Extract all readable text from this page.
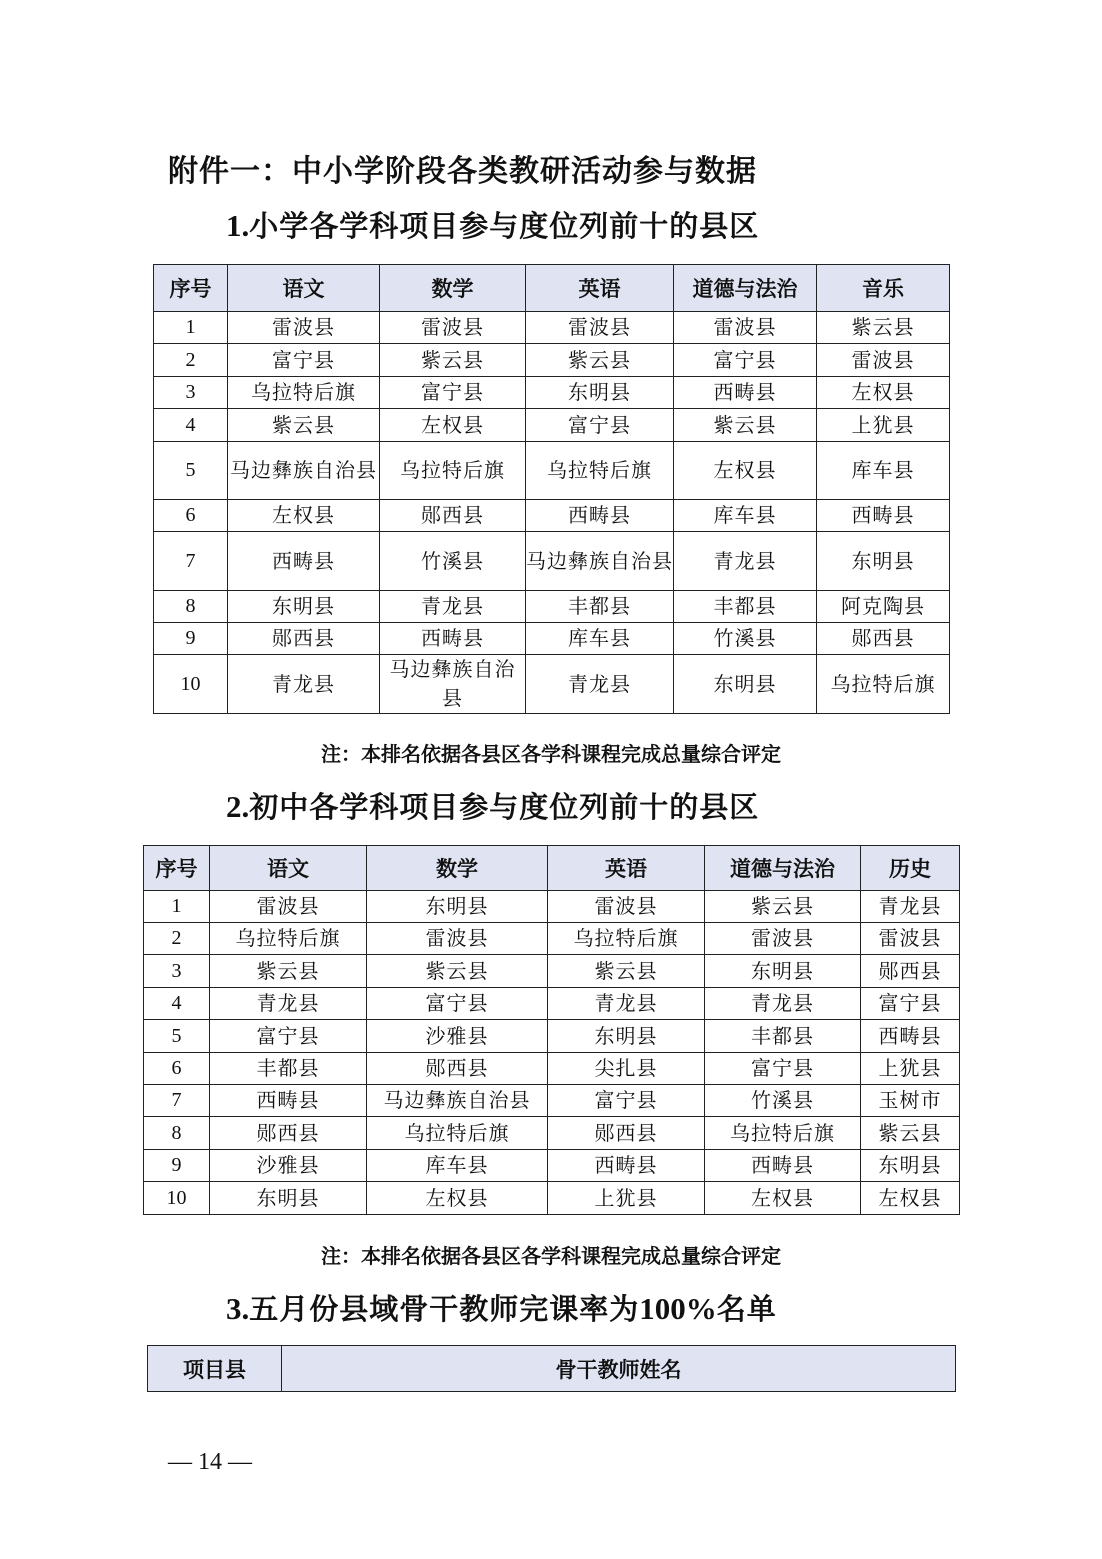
附件一：中小学阶段各类教研活动参与数据
1.小学各学科项目参与度位列前十的县区
序号	语文	数学	英语	道德与法治	音乐
1	雷波县	雷波县	雷波县	雷波县	紫云县
2	富宁县	紫云县	紫云县	富宁县	雷波县
3	乌拉特后旗	富宁县	东明县	西畴县	左权县
4	紫云县	左权县	富宁县	紫云县	上犹县
5	马边彝族自治县	乌拉特后旗	乌拉特后旗	左权县	库车县
6	左权县	郧西县	西畴县	库车县	西畴县
7	西畴县	竹溪县	马边彝族自治县	青龙县	东明县
8	东明县	青龙县	丰都县	丰都县	阿克陶县
9	郧西县	西畴县	库车县	竹溪县	郧西县
10	青龙县	马边彝族自治县	青龙县	东明县	乌拉特后旗
注：本排名依据各县区各学科课程完成总量综合评定
2.初中各学科项目参与度位列前十的县区
序号	语文	数学	英语	道德与法治	历史
1	雷波县	东明县	雷波县	紫云县	青龙县
2	乌拉特后旗	雷波县	乌拉特后旗	雷波县	雷波县
3	紫云县	紫云县	紫云县	东明县	郧西县
4	青龙县	富宁县	青龙县	青龙县	富宁县
5	富宁县	沙雅县	东明县	丰都县	西畴县
6	丰都县	郧西县	尖扎县	富宁县	上犹县
7	西畴县	马边彝族自治县	富宁县	竹溪县	玉树市
8	郧西县	乌拉特后旗	郧西县	乌拉特后旗	紫云县
9	沙雅县	库车县	西畴县	西畴县	东明县
10	东明县	左权县	上犹县	左权县	左权县
注：本排名依据各县区各学科课程完成总量综合评定
3.五月份县域骨干教师完课率为100%名单
项目县	骨干教师姓名
— 14 —
